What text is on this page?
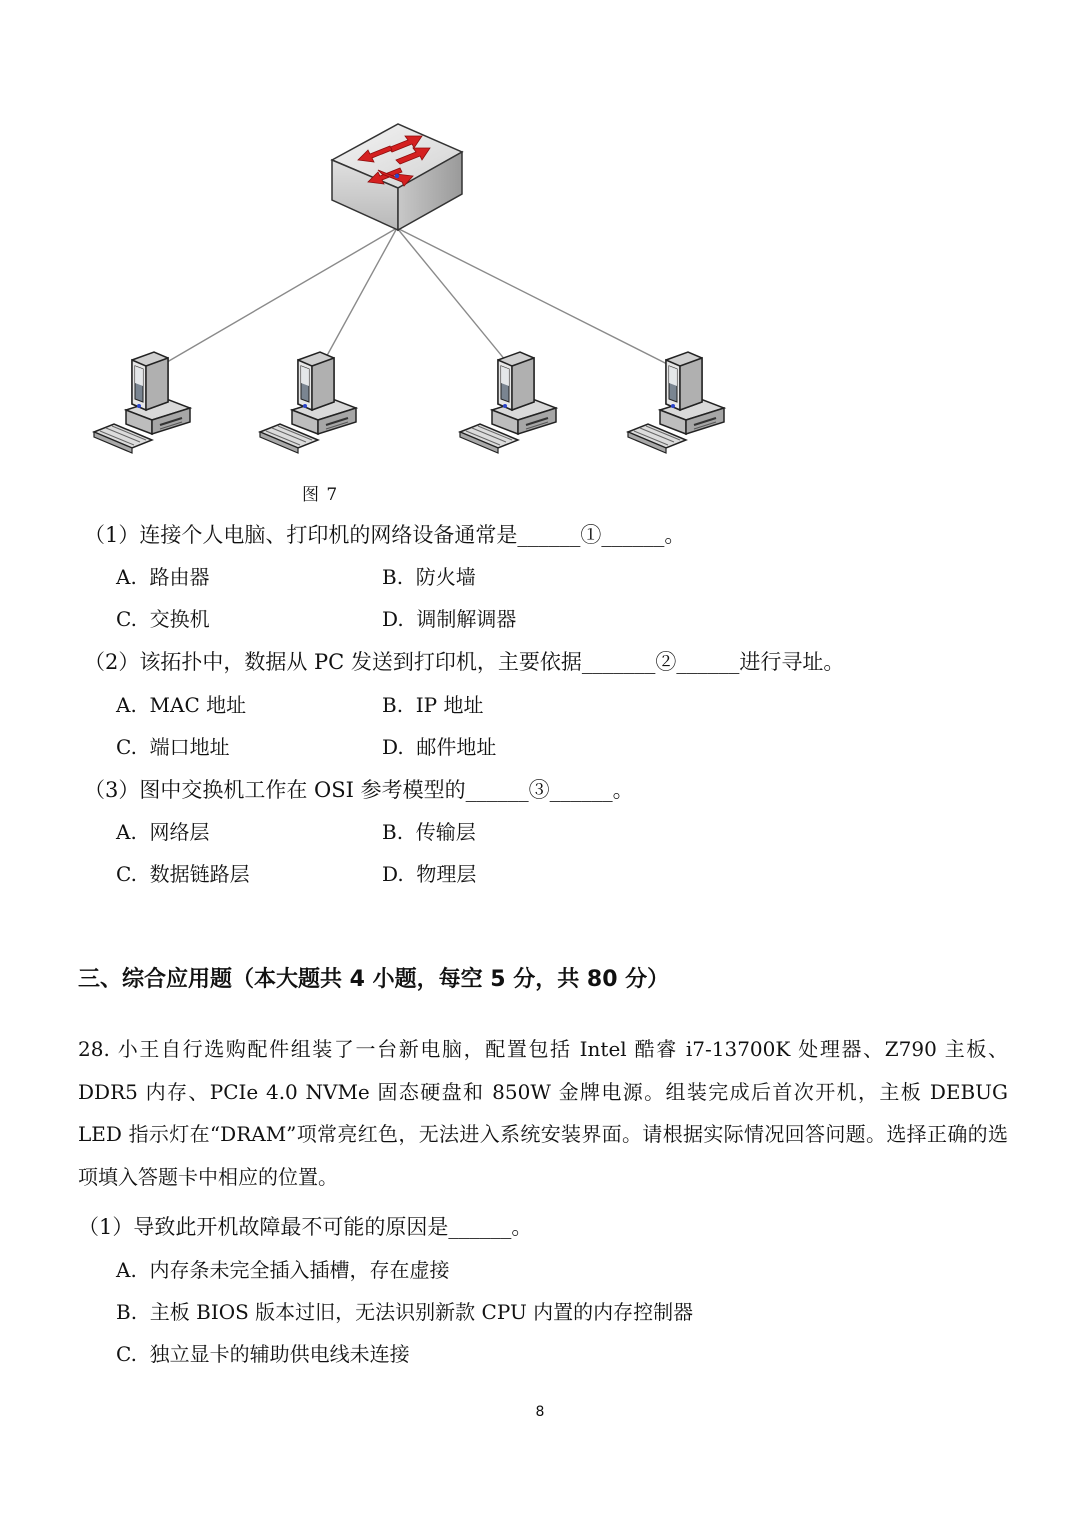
图 7
（1）连接个人电脑、打印机的网络设备通常是______①______。
A.  路由器	B.  防火墙
C.  交换机	D.  调制解调器
（2）该拓扑中，数据从 PC 发送到打印机，主要依据_______②______进行寻址。
A.  MAC 地址	B.  IP 地址
C.  端口地址	D.  邮件地址
（3）图中交换机工作在 OSI 参考模型的______③______。
A.  网络层	B.  传输层
C.  数据链路层	D.  物理层
三、综合应用题（本大题共 4 小题，每空 5 分，共 80 分）
28. 小王自行选购配件组装了一台新电脑，配置包括 Intel 酷睿 i7-13700K 处理器、Z790 主板、DDR5 内存、PCIe 4.0 NVMe 固态硬盘和 850W 金牌电源。组装完成后首次开机，主板 DEBUG LED 指示灯在“DRAM”项常亮红色，无法进入系统安装界面。请根据实际情况回答问题。选择正确的选项填入答题卡中相应的位置。
（1）导致此开机故障最不可能的原因是______。
A.  内存条未完全插入插槽，存在虚接
B.  主板 BIOS 版本过旧，无法识别新款 CPU 内置的内存控制器
C.  独立显卡的辅助供电线未连接
8
